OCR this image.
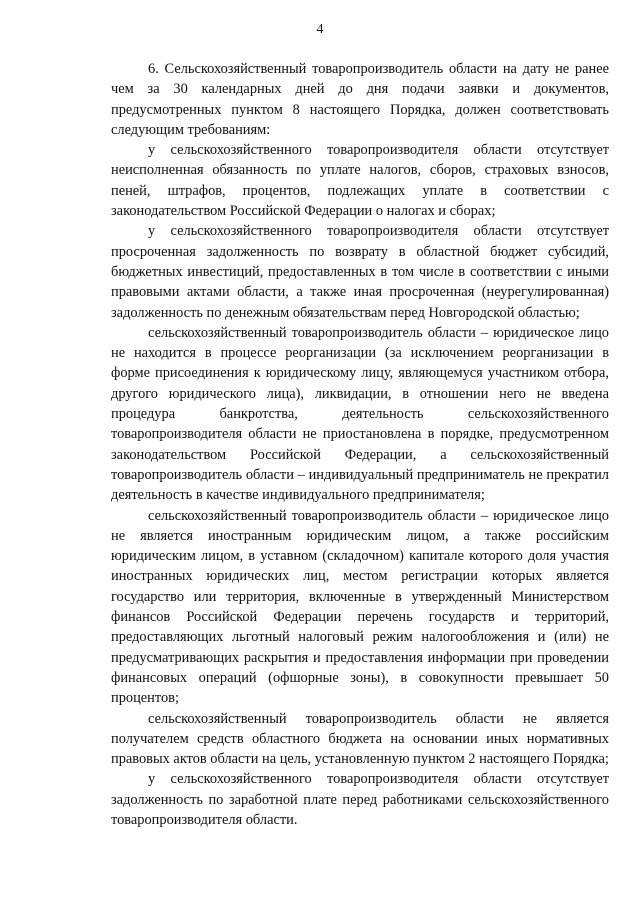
4

6. Сельскохозяйственный товаропроизводитель области на дату не ранее чем за 30 календарных дней до дня подачи заявки и документов, предусмотренных пунктом 8 настоящего Порядка, должен соответствовать следующим требованиям:

у сельскохозяйственного товаропроизводителя области отсутствует неисполненная обязанность по уплате налогов, сборов, страховых взносов, пеней, штрафов, процентов, подлежащих уплате в соответствии с законодательством Российской Федерации о налогах и сборах;

у сельскохозяйственного товаропроизводителя области отсутствует просроченная задолженность по возврату в областной бюджет субсидий, бюджетных инвестиций, предоставленных в том числе в соответствии с иными правовыми актами области, а также иная просроченная (неурегулированная) задолженность по денежным обязательствам перед Новгородской областью;

сельскохозяйственный товаропроизводитель области – юридическое лицо не находится в процессе реорганизации (за исключением реорганизации в форме присоединения к юридическому лицу, являющемуся участником отбора, другого юридического лица), ликвидации, в отношении него не введена процедура банкротства, деятельность сельскохозяйственного товаропроизводителя области не приостановлена в порядке, предусмотренном законодательством Российской Федерации, а сельскохозяйственный товаропроизводитель области – индивидуальный предприниматель не прекратил деятельность в качестве индивидуального предпринимателя;

сельскохозяйственный товаропроизводитель области – юридическое лицо не является иностранным юридическим лицом, а также российским юридическим лицом, в уставном (складочном) капитале которого доля участия иностранных юридических лиц, местом регистрации которых является государство или территория, включенные в утвержденный Министерством финансов Российской Федерации перечень государств и территорий, предоставляющих льготный налоговый режим налогообложения и (или) не предусматривающих раскрытия и предоставления информации при проведении финансовых операций (офшорные зоны), в совокупности превышает 50 процентов;

сельскохозяйственный товаропроизводитель области не является получателем средств областного бюджета на основании иных нормативных правовых актов области на цель, установленную пунктом 2 настоящего Порядка;

у сельскохозяйственного товаропроизводителя области отсутствует задолженность по заработной плате перед работниками сельскохозяйственного товаропроизводителя области.
